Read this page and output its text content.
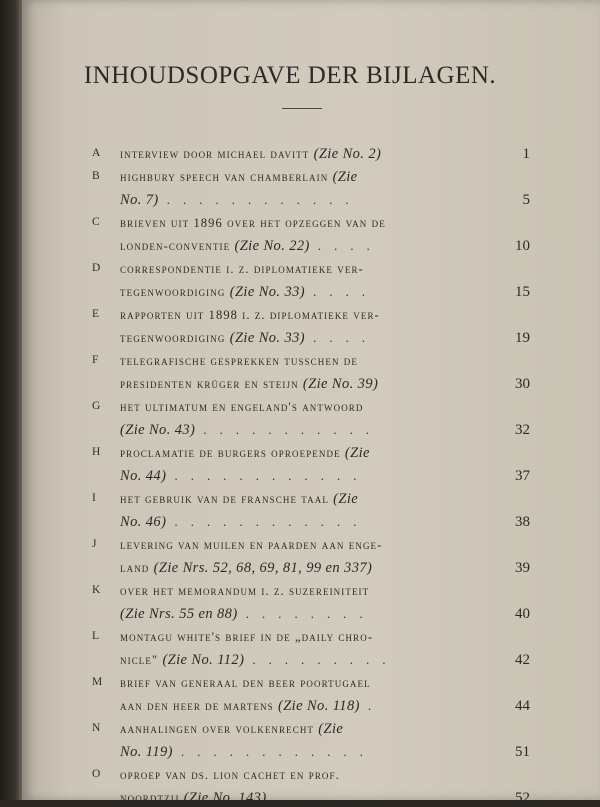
INHOUDSOPGAVE DER BIJLAGEN.
A interview door michael davitt (Zie No. 2)	1
B highbury speech van chamberlain (Zie
No. 7) . . . . . . . . . . . .	5
C brieven uit 1896 over het opzeggen van de
londen-conventie (Zie No. 22) . . . .	10
D correspondentie i. z. diplomatieke ver-
tegenwoordiging (Zie No. 33) . . . .	15
E rapporten uit 1898 i. z. diplomatieke ver-
tegenwoordiging (Zie No. 33) . . . .	19
F telegrafische gesprekken tusschen de
presidenten krüger en steijn (Zie No. 39)	30
G het ultimatum en engeland's antwoord
(Zie No. 43) . . . . . . . . . . .	32
H proclamatie de burgers oproepende (Zie
No. 44) . . . . . . . . . . . .	37
I het gebruik van de fransche taal (Zie
No. 46) . . . . . . . . . . . .	38
J levering van muilen en paarden aan enge-
land (Zie Nrs. 52, 68, 69, 81, 99 en 337)	39
K over het memorandum i. z. suzereiniteit
(Zie Nrs. 55 en 88) . . . . . . . .	40
L montagu white's brief in de „daily chro-
nicle" (Zie No. 112) . . . . . . . . .	42
M brief van generaal den beer poortugael
aan den heer de martens (Zie No. 118) .	44
N aanhalingen over volkenrecht (Zie
No. 119) . . . . . . . . . . . .	51
O oproep van ds. lion cachet en prof.
noordtzij (Zie No. 143) . . . . . . .	52
